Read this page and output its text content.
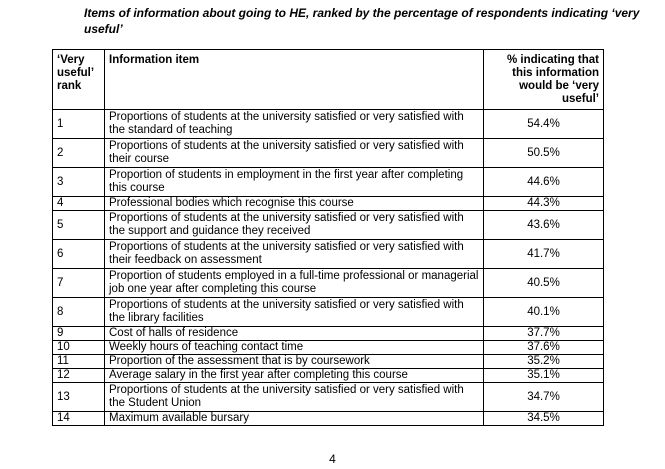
Items of information about going to HE, ranked by the percentage of respondents indicating ‘very useful’
‘Very useful’ rank	Information item	% indicating that this information would be ‘very useful’
1	Proportions of students at the university satisfied or very satisfied with the standard of teaching	54.4%
2	Proportions of students at the university satisfied or very satisfied with their course	50.5%
3	Proportion of students in employment in the first year after completing this course	44.6%
4	Professional bodies which recognise this course	44.3%
5	Proportions of students at the university satisfied or very satisfied with the support and guidance they received	43.6%
6	Proportions of students at the university satisfied or very satisfied with their feedback on assessment	41.7%
7	Proportion of students employed in a full-time professional or managerial job one year after completing this course	40.5%
8	Proportions of students at the university satisfied or very satisfied with the library facilities	40.1%
9	Cost of halls of residence	37.7%
10	Weekly hours of teaching contact time	37.6%
11	Proportion of the assessment that is by coursework	35.2%
12	Average salary in the first year after completing this course	35.1%
13	Proportions of students at the university satisfied or very satisfied with the Student Union	34.7%
14	Maximum available bursary	34.5%
4
